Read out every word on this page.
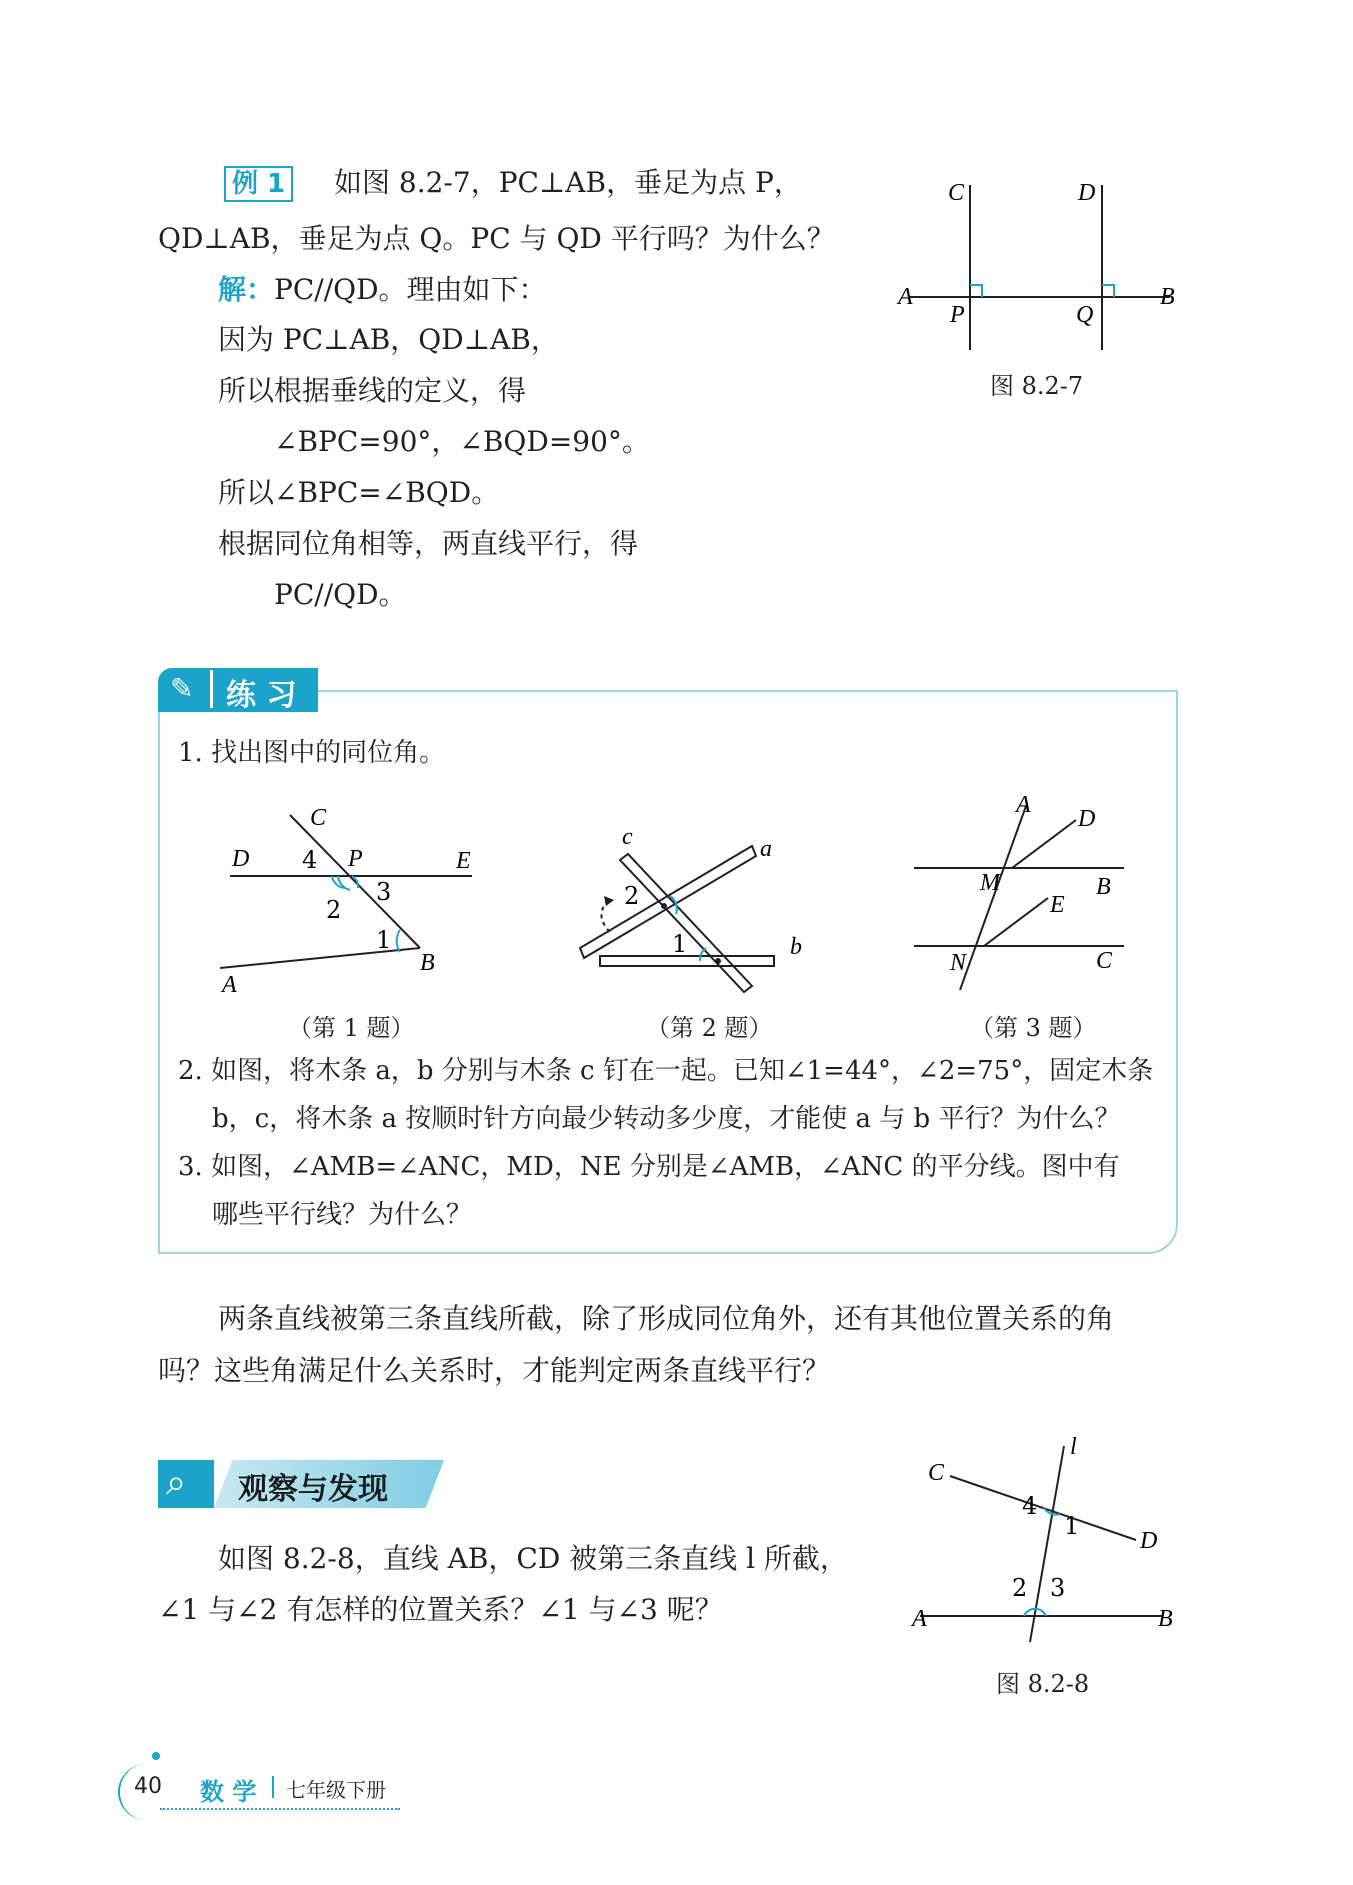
例 1 如图 8.2-7，PC⊥AB，垂足为点 P，
QD⊥AB，垂足为点 Q。PC 与 QD 平行吗？为什么？
解：PC//QD。理由如下：
因为 PC⊥AB，QD⊥AB，
所以根据垂线的定义，得
∠BPC=90°，∠BQD=90°。
所以∠BPC=∠BQD。
根据同位角相等，两直线平行，得
PC//QD。
C	D
A	B
P	Q
图 8.2-7
✎ 练 习
1. 找出图中的同位角。
C
D	E
P
A
B
4
3
2
1
（第 1 题）
c	a
b
2
1
（第 2 题）
A
D
M	B
E
N	C
（第 3 题）
2. 如图，将木条 a，b 分别与木条 c 钉在一起。已知∠1=44°，∠2=75°，固定木条
b，c，将木条 a 按顺时针方向最少转动多少度，才能使 a 与 b 平行？为什么？
3. 如图，∠AMB=∠ANC，MD，NE 分别是∠AMB，∠ANC 的平分线。图中有
哪些平行线？为什么？
两条直线被第三条直线所截，除了形成同位角外，还有其他位置关系的角
吗？这些角满足什么关系时，才能判定两条直线平行？
⌕ 观察与发现
如图 8.2-8，直线 AB，CD 被第三条直线 l 所截，
∠1 与∠2 有怎样的位置关系？∠1 与∠3 呢？
l
C
D
A	B
4
1
2 3
图 8.2-8
40 数 学 七年级下册
